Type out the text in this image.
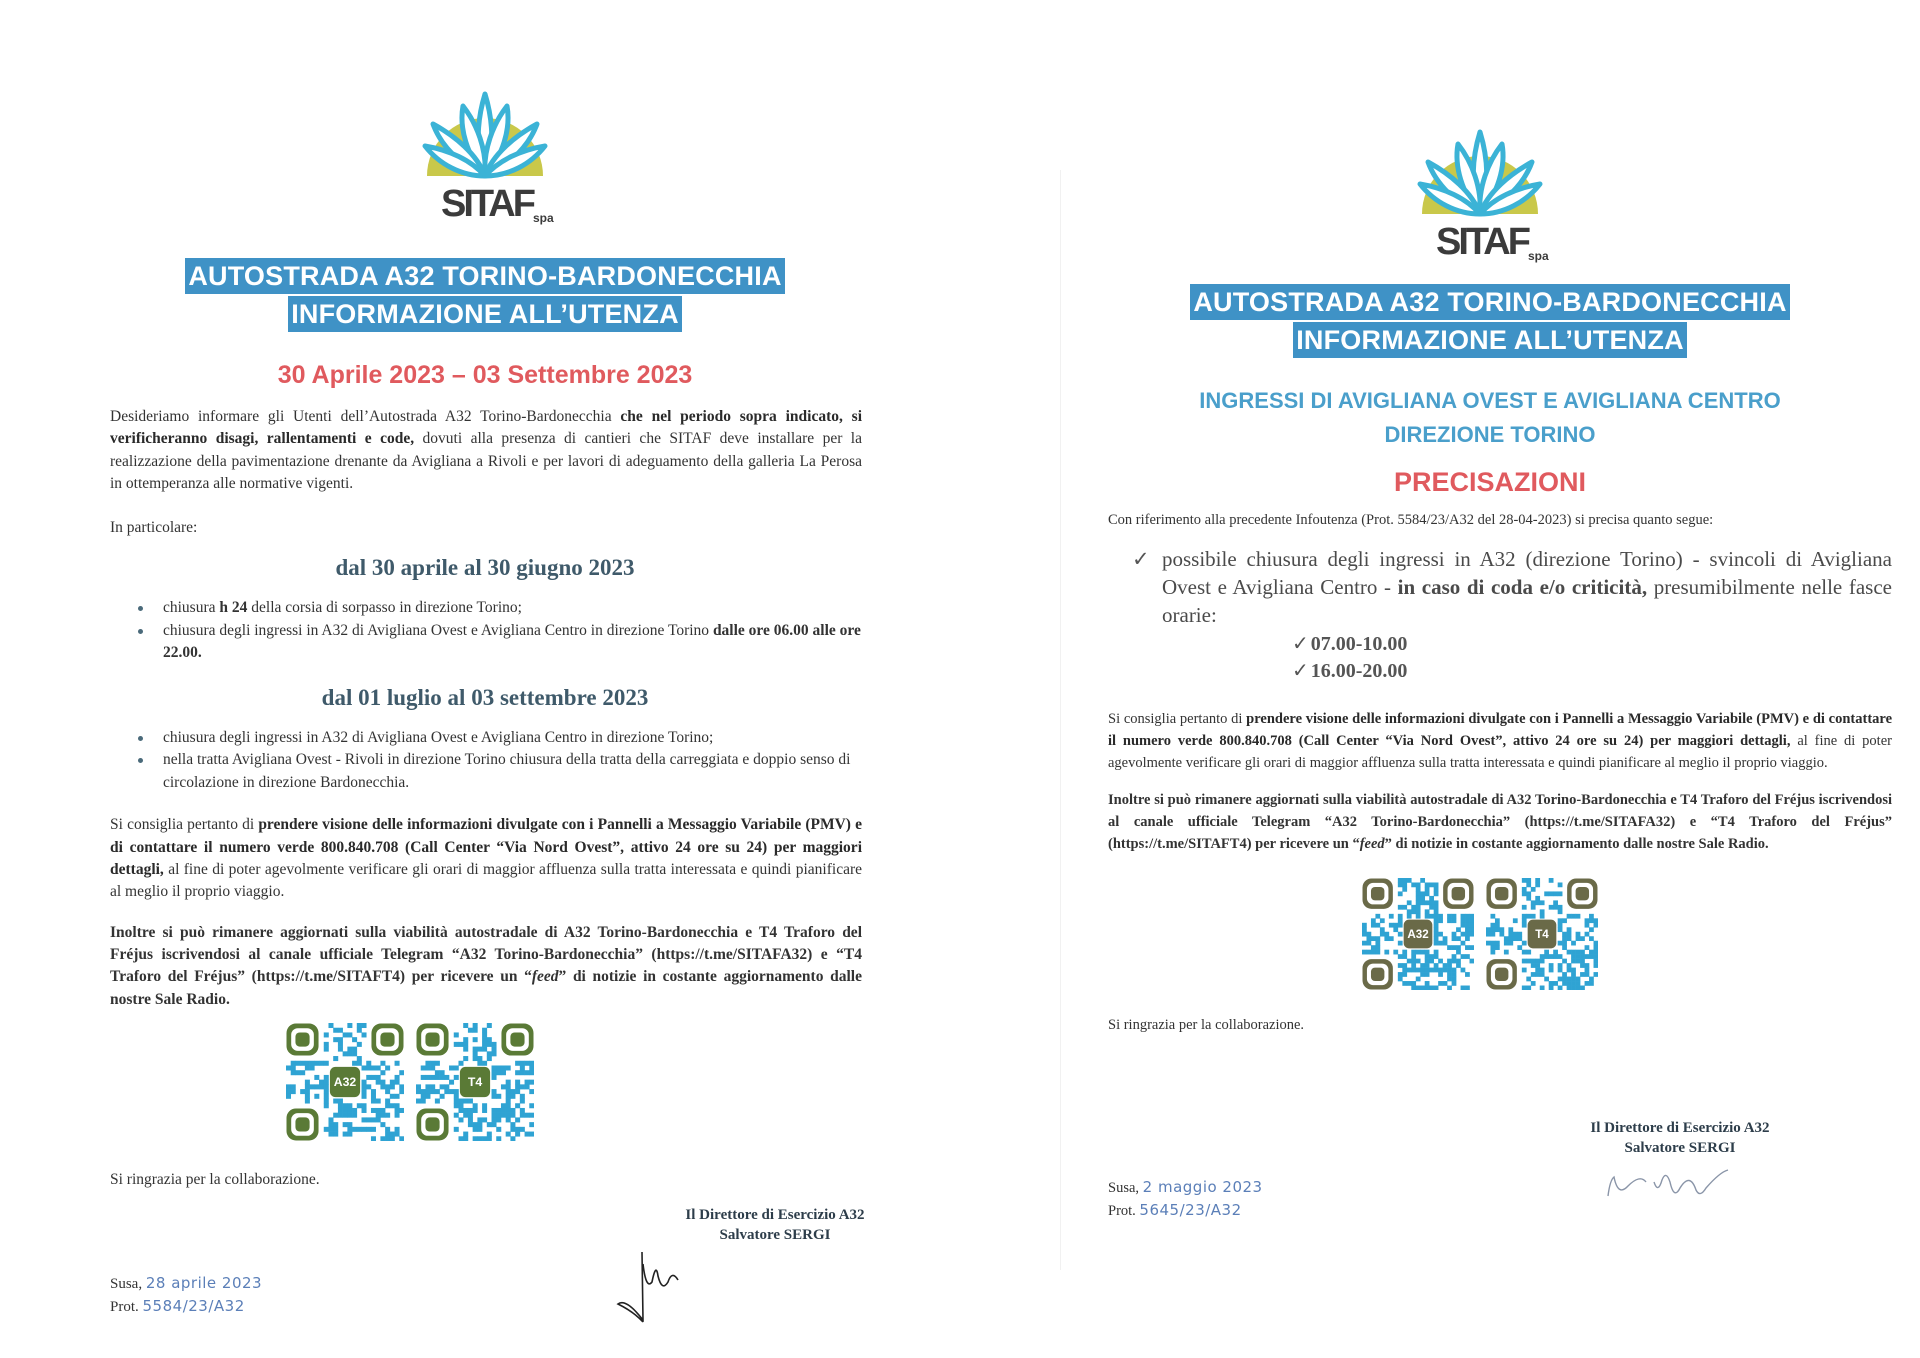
SITAF spa
AUTOSTRADA A32 TORINO-BARDONECCHIA
INFORMAZIONE ALL’UTENZA
30 Aprile 2023 – 03 Settembre 2023
Desideriamo informare gli Utenti dell’Autostrada A32 Torino-Bardonecchia che nel periodo sopra indicato, si verificheranno disagi, rallentamenti e code, dovuti alla presenza di cantieri che SITAF deve installare per la realizzazione della pavimentazione drenante da Avigliana a Rivoli e per lavori di adeguamento della galleria La Perosa in ottemperanza alle normative vigenti.
In particolare:
dal 30 aprile al 30 giugno 2023
chiusura h 24 della corsia di sorpasso in direzione Torino;
chiusura degli ingressi in A32 di Avigliana Ovest e Avigliana Centro in direzione Torino dalle ore 06.00 alle ore 22.00.
dal 01 luglio al 03 settembre 2023
chiusura degli ingressi in A32 di Avigliana Ovest e Avigliana Centro in direzione Torino;
nella tratta Avigliana Ovest - Rivoli in direzione Torino chiusura della tratta della carreggiata e doppio senso di circolazione in direzione Bardonecchia.
Si consiglia pertanto di prendere visione delle informazioni divulgate con i Pannelli a Messaggio Variabile (PMV) e di contattare il numero verde 800.840.708 (Call Center “Via Nord Ovest”, attivo 24 ore su 24) per maggiori dettagli, al fine di poter agevolmente verificare gli orari di maggior affluenza sulla tratta interessata e quindi pianificare al meglio il proprio viaggio.
Inoltre si può rimanere aggiornati sulla viabilità autostradale di A32 Torino-Bardonecchia e T4 Traforo del Fréjus iscrivendosi al canale ufficiale Telegram “A32 Torino-Bardonecchia” (https://t.me/SITAFA32) e “T4 Traforo del Fréjus” (https://t.me/SITAFT4) per ricevere un “feed” di notizie in costante aggiornamento dalle nostre Sale Radio.
A32	T4
Si ringrazia per la collaborazione.
Il Direttore di Esercizio A32
Salvatore SERGI
Susa, 28 aprile 2023
Prot. 5584/23/A32
SITAF spa
AUTOSTRADA A32 TORINO-BARDONECCHIA
INFORMAZIONE ALL’UTENZA
INGRESSI DI AVIGLIANA OVEST E AVIGLIANA CENTRO
DIREZIONE TORINO
PRECISAZIONI
Con riferimento alla precedente Infoutenza (Prot. 5584/23/A32 del 28-04-2023) si precisa quanto segue:
✓ possibile chiusura degli ingressi in A32 (direzione Torino) - svincoli di Avigliana Ovest e Avigliana Centro - in caso di coda e/o criticità, presumibilmente nelle fasce orarie:
✓ 07.00-10.00
✓ 16.00-20.00
Si consiglia pertanto di prendere visione delle informazioni divulgate con i Pannelli a Messaggio Variabile (PMV) e di contattare il numero verde 800.840.708 (Call Center “Via Nord Ovest”, attivo 24 ore su 24) per maggiori dettagli, al fine di poter agevolmente verificare gli orari di maggior affluenza sulla tratta interessata e quindi pianificare al meglio il proprio viaggio.
Inoltre si può rimanere aggiornati sulla viabilità autostradale di A32 Torino-Bardonecchia e T4 Traforo del Fréjus iscrivendosi al canale ufficiale Telegram “A32 Torino-Bardonecchia” (https://t.me/SITAFA32) e “T4 Traforo del Fréjus” (https://t.me/SITAFT4) per ricevere un “feed” di notizie in costante aggiornamento dalle nostre Sale Radio.
A32	T4
Si ringrazia per la collaborazione.
Il Direttore di Esercizio A32
Salvatore SERGI
Susa, 2 maggio 2023
Prot. 5645/23/A32
